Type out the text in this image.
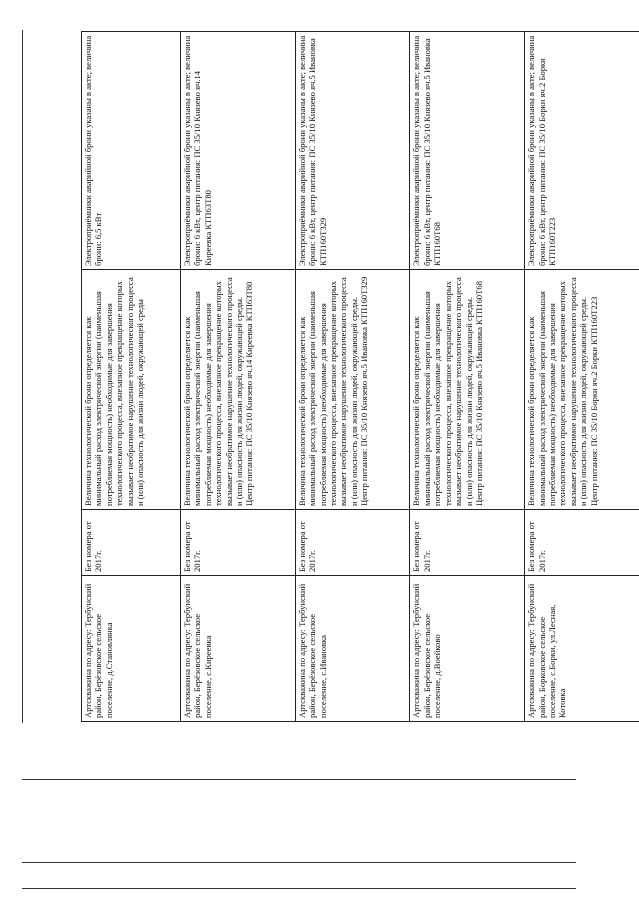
Артскважина по адресу: Тербунский район, Берёзовское сельское поселение, д.Становлянка	Без номера от 2017г.	Величина технологической брони определяется как минимальный расход электрической энергии (наименьшая потребляемая мощность) необходимые для завершения технологического процесса, внезапное прекращение которых вызывает необратимое нарушение технологического процесса и (или) опасность для жизни людей, окружающей среды	Электроприёмники аварийной брони указаны в акте; величина брони: 6,5 кВт
Артскважина по адресу: Тербунский район, Берёзовское сельское поселение, с.Киреевка	Без номера от 2017г.	Величина технологической брони определяется как минимальный расход электрической энергии (наименьшая потребляемая мощность) необходимые для завершения технологического процесса, внезапное прекращение которых вызывает необратимое нарушение технологического процесса и (или) опасность для жизни людей, окружающей среды. Центр питания: ПС 35/10 Князево яч.14 Киреевка КТП63Т80	Электроприёмники аварийной брони указаны в акте; величина брони: 6 кВт, центр питания: ПС 35/10 Князево яч.14 Киреевка КТП63Т80
Артскважина по адресу: Тербунский район, Берёзовское сельское поселение, с.Ивановка	Без номера от 2017г.	Величина технологической брони определяется как минимальный расход электрической энергии (наименьшая потребляемая мощность) необходимые для завершения технологического процесса, внезапное прекращение которых вызывает необратимое нарушение технологического процесса и (или) опасность для жизни людей, окружающей среды. Центр питания: ПС 35/10 Князево яч.5 Ивановка КТП160Т329	Электроприёмники аварийной брони указаны в акте; величина брони: 6 кВт, центр питания: ПС 35/10 Князево яч.5 Ивановка КТП160Т329
Артскважина по адресу: Тербунский район, Берёзовское сельское поселение, д.Воейково	Без номера от 2017г.	Величина технологической брони определяется как минимальный расход электрической энергии (наименьшая потребляемая мощность) необходимые для завершения технологического процесса, внезапное прекращение которых вызывает необратимое нарушение технологического процесса и (или) опасность для жизни людей, окружающей среды. Центр питания: ПС 35/10 Князево яч.5 Ивановка КТП160Т68	Электроприёмники аварийной брони указаны в акте; величина брони: 6 кВт, центр питания: ПС 35/10 Князево яч.5 Ивановка КТП160Т68
Артскважина по адресу: Тербунский район, Борковское сельское поселение, с.Борки, ул.Лесная, Котовка	Без номера от 2017г.	Величина технологической брони определяется как минимальный расход электрической энергии (наименьшая потребляемая мощность) необходимые для завершения технологического процесса, внезапное прекращение которых вызывает необратимое нарушение технологического процесса и (или) опасность для жизни людей, окружающей среды. Центр питания: ПС 35/10 Борки яч.2 Борки КТП160Т223	Электроприёмники аварийной брони указаны в акте; величина брони: 6 кВт, центр питания: ПС 35/10 Борки яч.2 Борки КТП160Т223
